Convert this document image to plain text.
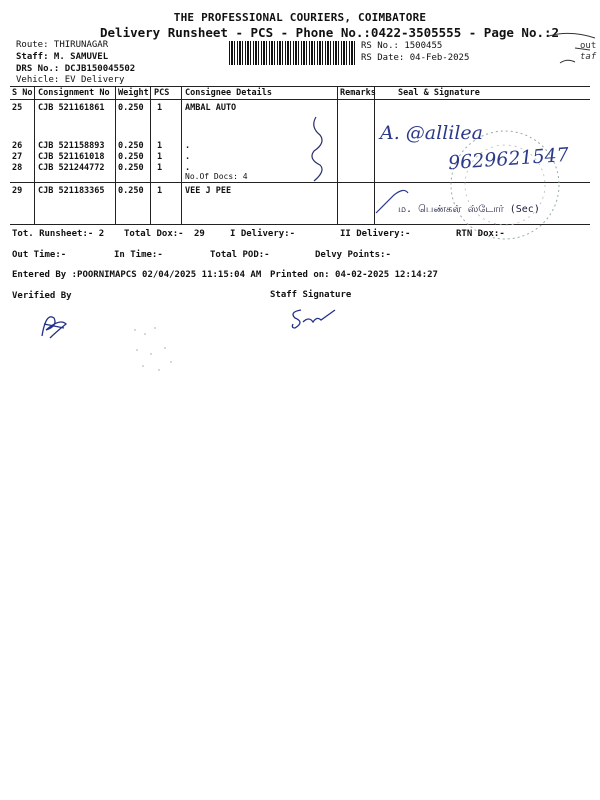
THE PROFESSIONAL COURIERS, COIMBATORE
Delivery Runsheet - PCS - Phone No.:0422-3505555 - Page No.:2
out
taf
Route: THIRUNAGAR
Staff: M. SAMUVEL
DRS No.: DCJB150045502
Vehicle: EV Delivery
RS No.: 1500455
RS Date: 04-Feb-2025
S No Consignment No Weight PCS Consignee Details	Remarks	Seal & Signature
25 CJB 521161861 0.250 1	AMBAL AUTO
26 CJB 521158893 0.250 1	.
27 CJB 521161018 0.250 1	.
28 CJB 521244772 0.250 1	.
No.Of Docs: 4
29 CJB 521183365 0.250 1	VEE J PEE
A. @allilea
9629621547
ம. பெண்கள் ஸ்டோர் (Sec)
Tot. Runsheet:- 2 Total Dox:- 29	I Delivery:-	II Delivery:-	RTN Dox:-
Out Time:-	In Time:-	Total POD:-	Delvy Points:-
Entered By :POORNIMAPCS 02/04/2025 11:15:04 AM Printed on: 04-02-2025 12:14:27
Verified By	Staff Signature
